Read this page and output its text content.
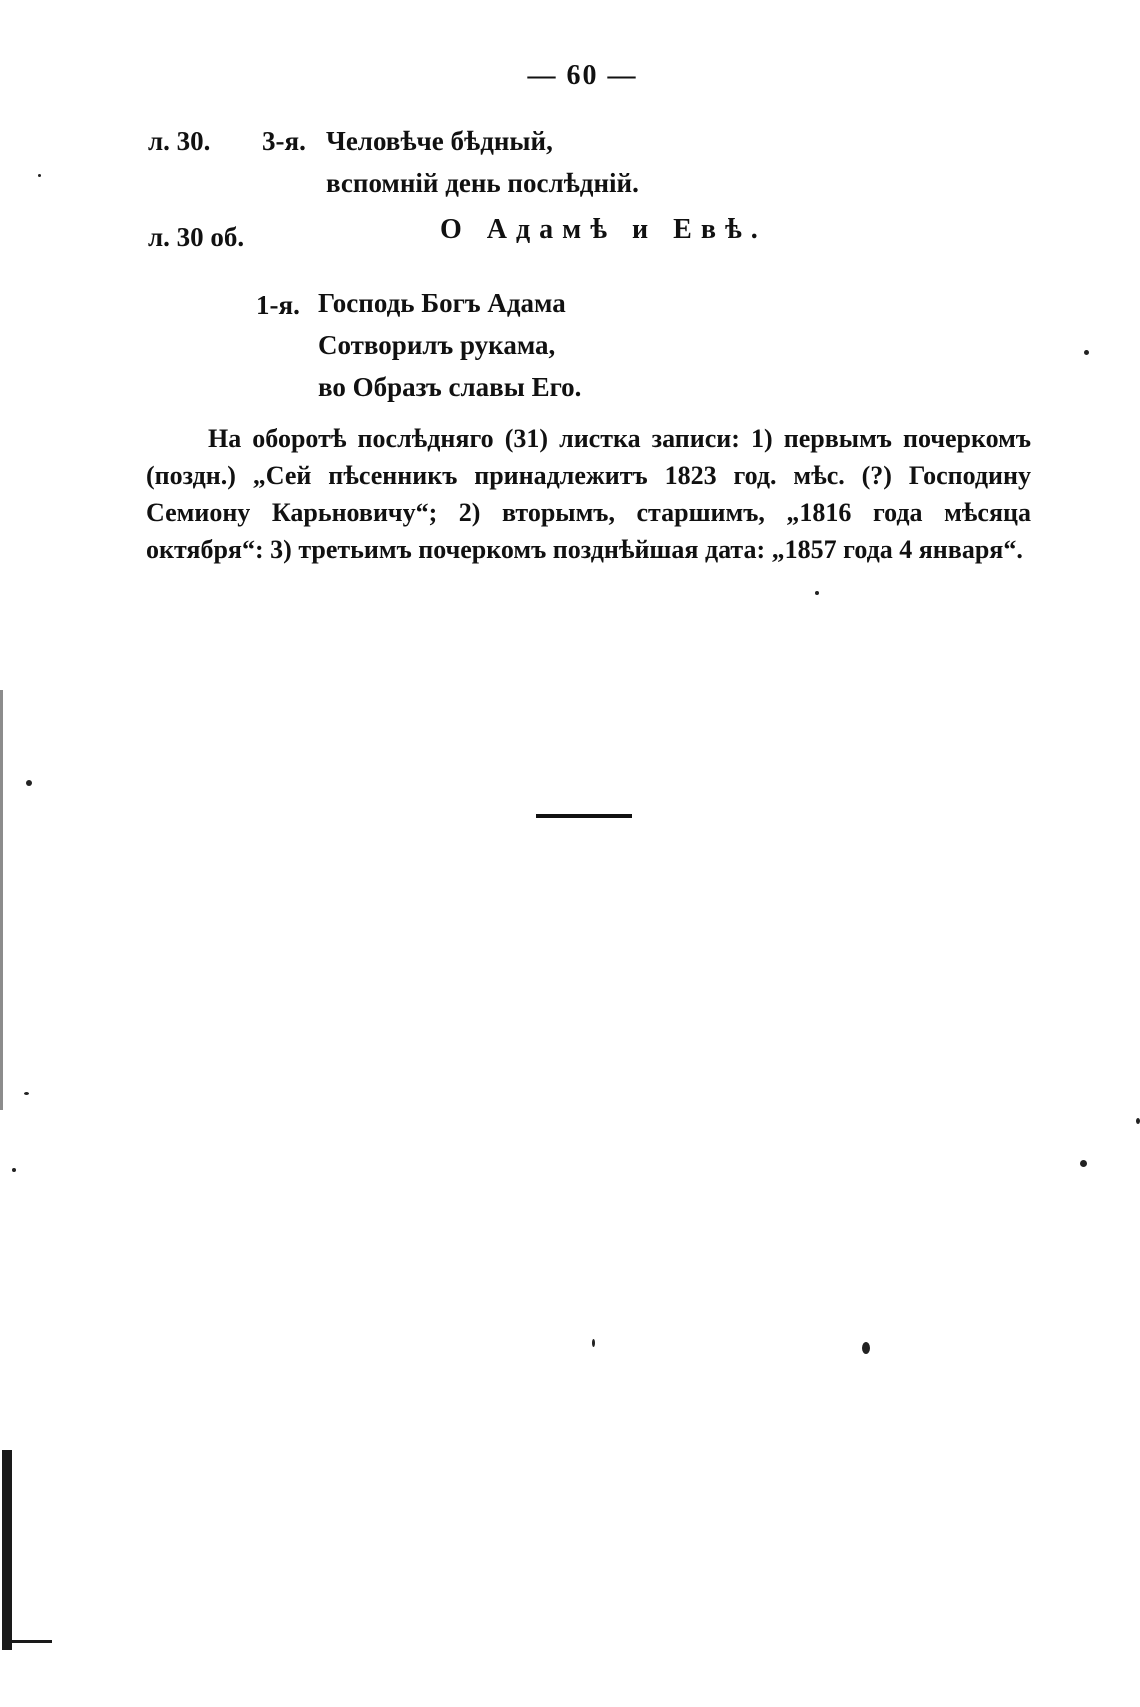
— 60 —
л. 30. 3-я. Человѣче бѣдный,
вспомній день послѣдній.
л. 30 об.	О Адамѣ и Евѣ.
1-я. Господь Богъ Адама
Сотворилъ рукама,
во Образъ славы Его.
На оборотѣ послѣдняго (31) листка записи: 1) первымъ почеркомъ (поздн.) „Сей пѣсенникъ принадлежитъ 1823 год. мѣс. (?) Господину Семиону Карьновичу“; 2) вторымъ, старшимъ, „1816 года мѣсяца октября“: 3) третьимъ почеркомъ позднѣйшая дата: „1857 года 4 января“.
